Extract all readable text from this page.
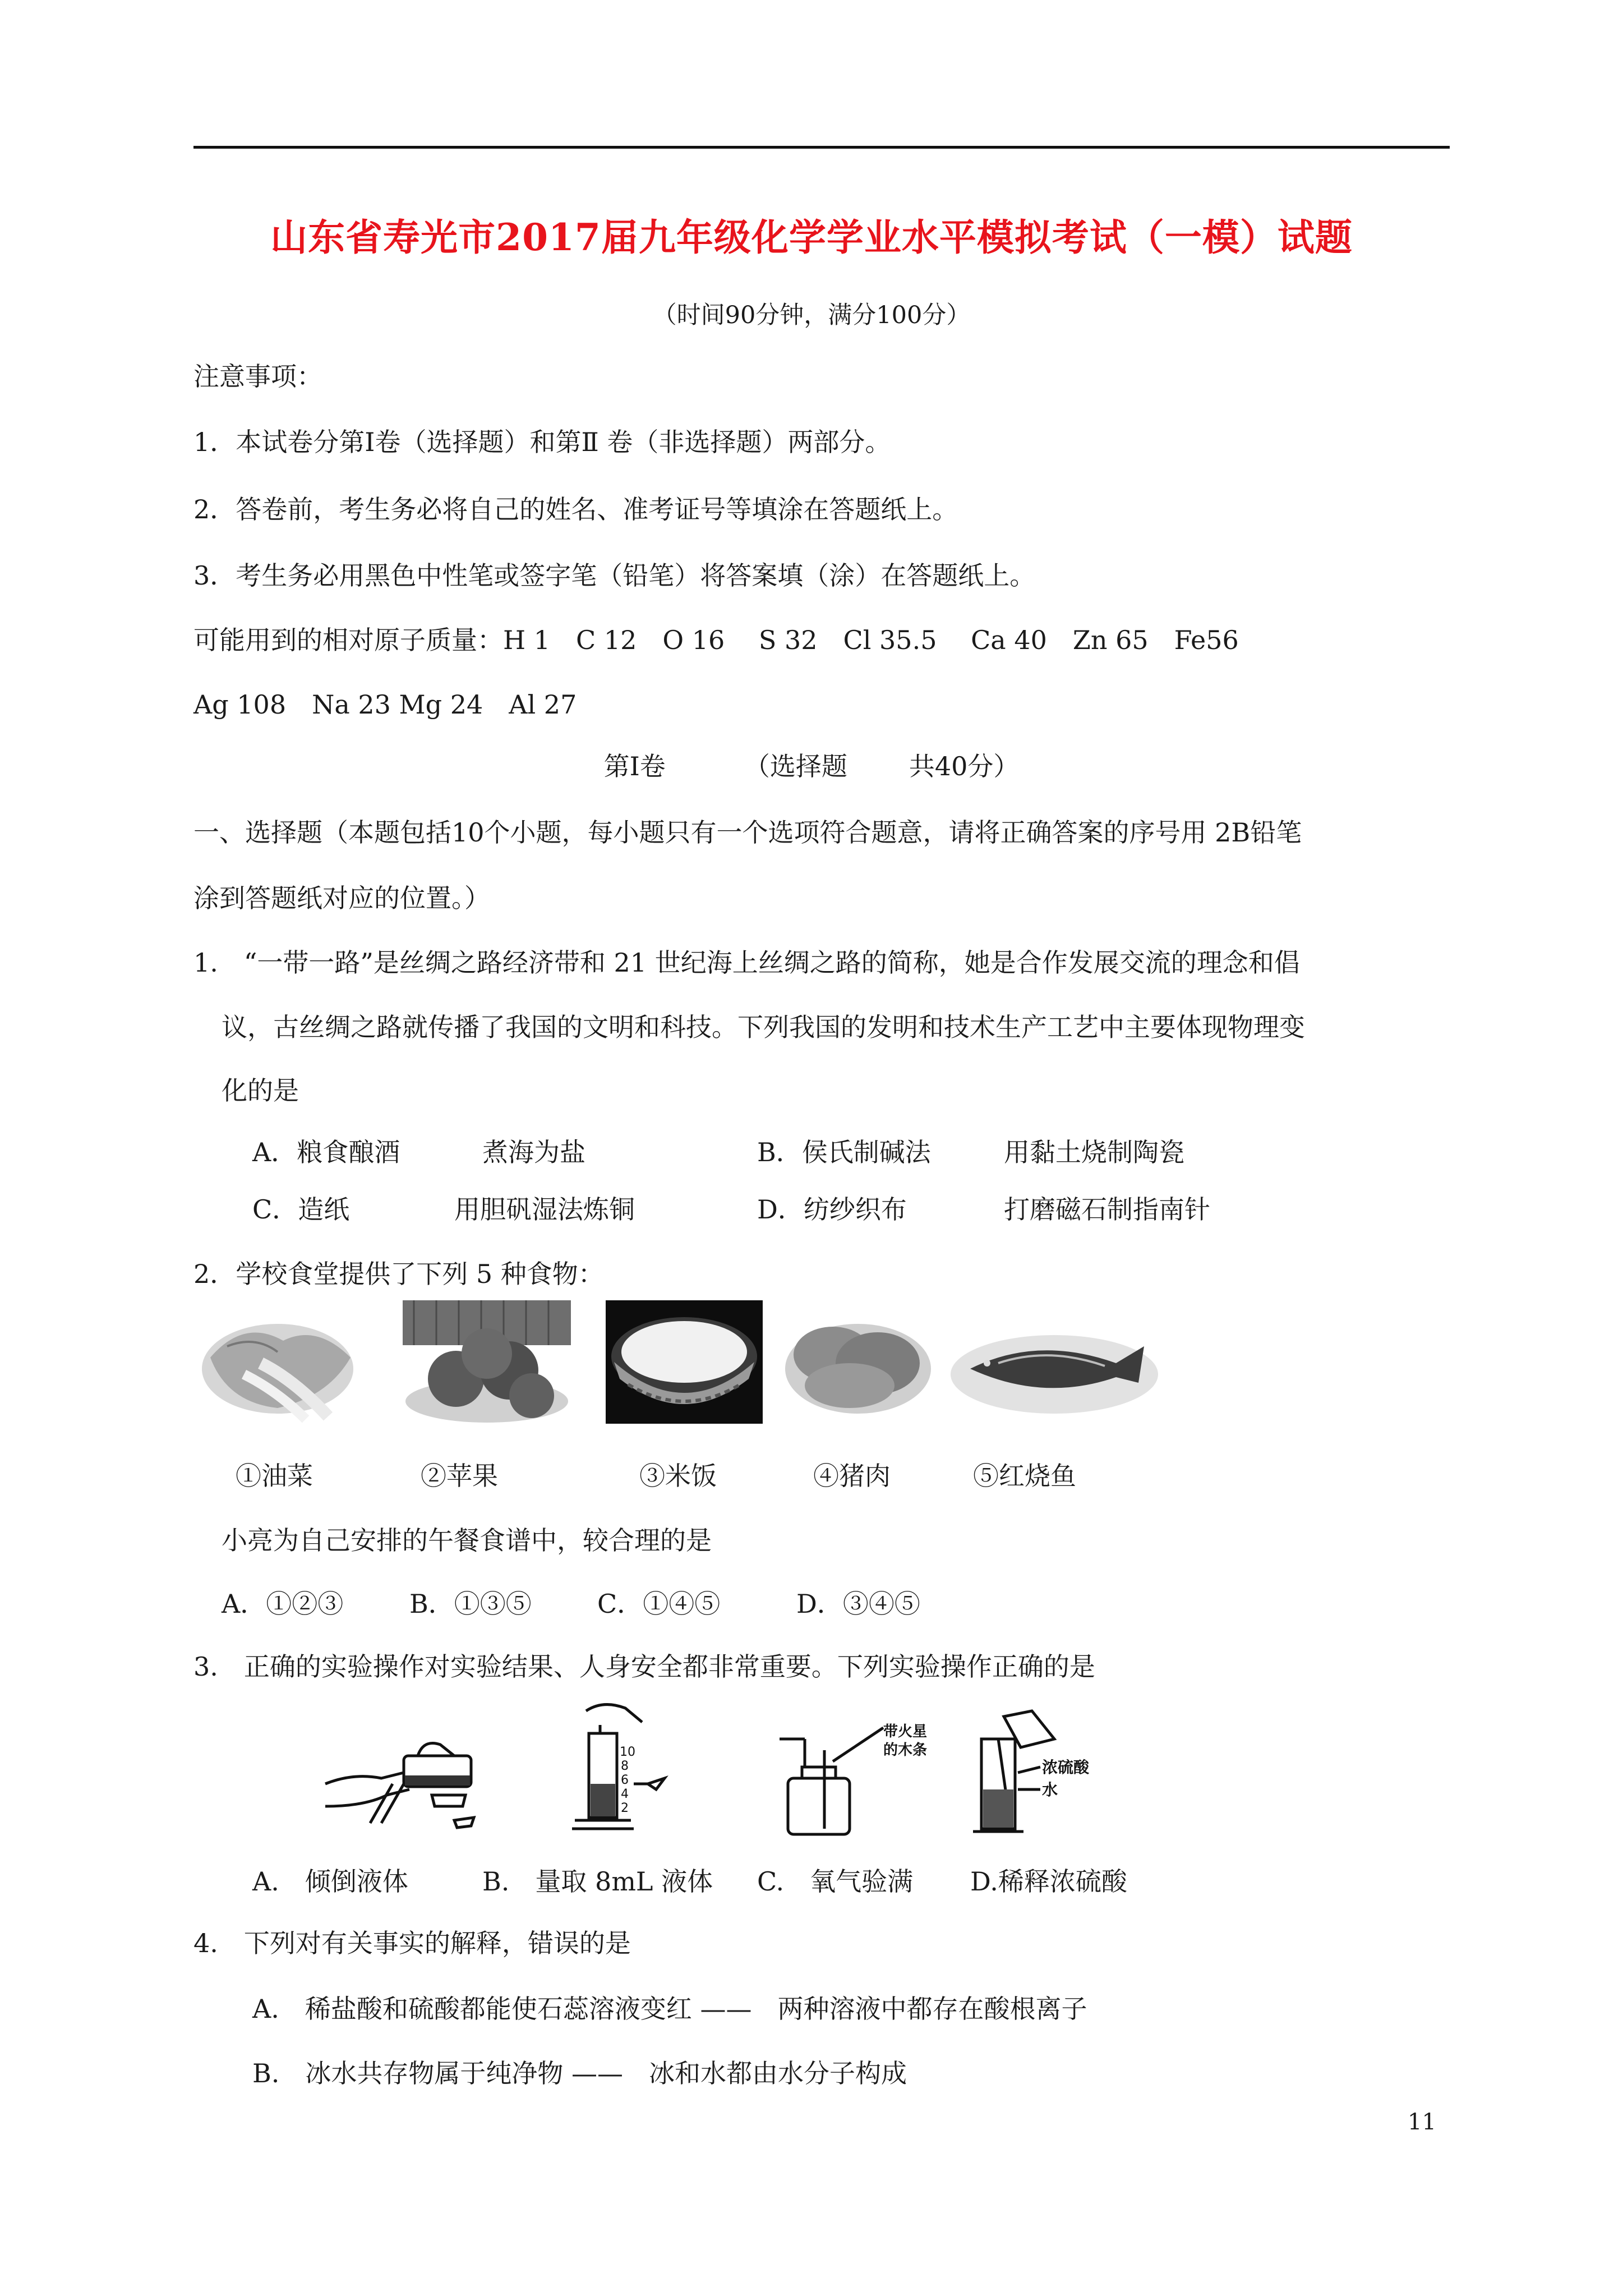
山东省寿光市2017届九年级化学学业水平模拟考试（一模）试题
（时间90分钟，满分100分）
注意事项：
1．本试卷分第Ⅰ卷（选择题）和第Ⅱ 卷（非选择题）两部分。
2．答卷前，考生务必将自己的姓名、准考证号等填涂在答题纸上。
3．考生务必用黑色中性笔或签字笔（铅笔）将答案填（涂）在答题纸上。
可能用到的相对原子质量：H 1　C 12　O 16　 S 32　Cl 35.5　 Ca 40　Zn 65　Fe56
Ag 108　Na 23 Mg 24　Al 27
第Ⅰ卷	（选择题 共40分）
一、选择题（本题包括10个小题，每小题只有一个选项符合题意，请将正确答案的序号用 2B铅笔
涂到答题纸对应的位置。）
1.　“一带一路”是丝绸之路经济带和 21 世纪海上丝绸之路的简称，她是合作发展交流的理念和倡
议，古丝绸之路就传播了我国的文明和科技。下列我国的发明和技术生产工艺中主要体现物理变
化的是
A．粮食酿酒	煮海为盐	B．侯氏制碱法	用黏土烧制陶瓷
C．造纸	用胆矾湿法炼铜	D．纺纱织布	打磨磁石制指南针
2．学校食堂提供了下列 5 种食物：
①油菜	②苹果	③米饭	④猪肉	⑤红烧鱼
小亮为自己安排的午餐食谱中，较合理的是
A．①②③	B．①③⑤	C．①④⑤	D．③④⑤
3.　正确的实验操作对实验结果、人身安全都非常重要。下列实验操作正确的是
10
8
6
4
2
带火星
的木条
浓硫酸
水
A.　倾倒液体	B.　量取 8mL 液体 C.　氧气验满 D.稀释浓硫酸
4.　下列对有关事实的解释，错误的是
A.　稀盐酸和硫酸都能使石蕊溶液变红 ——　两种溶液中都存在酸根离子
B.　冰水共存物属于纯净物 ——　冰和水都由水分子构成
11
